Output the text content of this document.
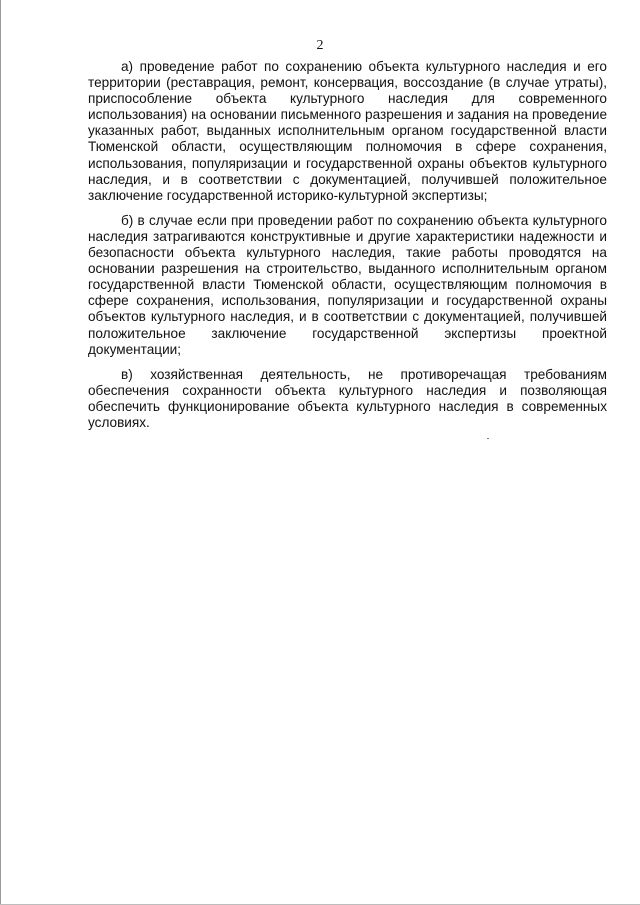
2

а) проведение работ по сохранению объекта культурного наследия и его территории (реставрация, ремонт, консервация, воссоздание (в случае утраты), приспособление объекта культурного наследия для современного использования) на основании письменного разрешения и задания на проведение указанных работ, выданных исполнительным органом государственной власти Тюменской области, осуществляющим полномочия в сфере сохранения, использования, популяризации и государственной охраны объектов культурного наследия, и в соответствии с документацией, получившей положительное заключение государственной историко-культурной экспертизы;

б) в случае если при проведении работ по сохранению объекта культурного наследия затрагиваются конструктивные и другие характеристики надежности и безопасности объекта культурного наследия, такие работы проводятся на основании разрешения на строительство, выданного исполнительным органом государственной власти Тюменской области, осуществляющим полномочия в сфере сохранения, использования, популяризации и государственной охраны объектов культурного наследия, и в соответствии с документацией, получившей положительное заключение государственной экспертизы проектной документации;

в) хозяйственная деятельность, не противоречащая требованиям обеспечения сохранности объекта культурного наследия и позволяющая обеспечить функционирование объекта культурного наследия в современных условиях.
